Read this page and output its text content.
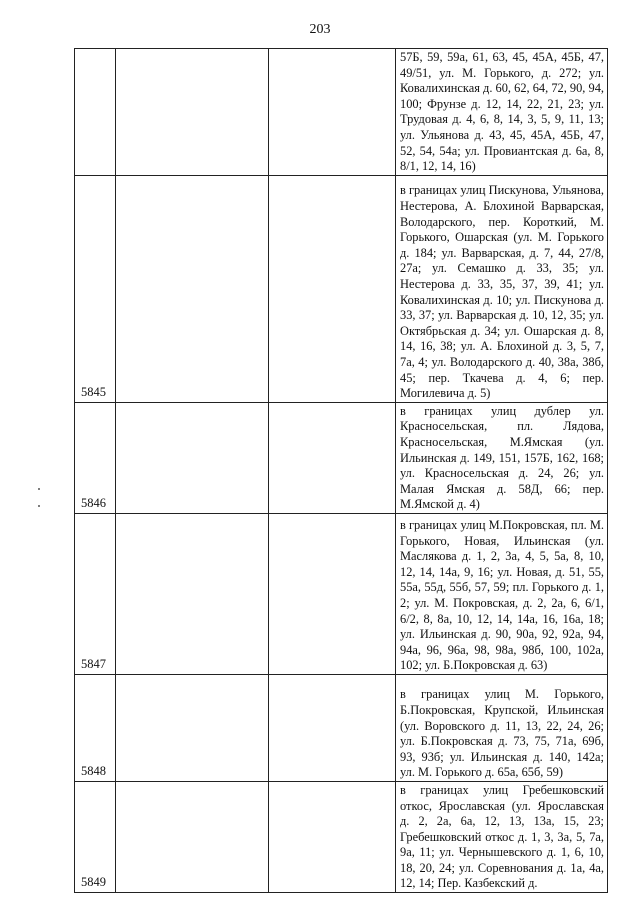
203

			57Б, 59, 59а, 61, 63, 45, 45А, 45Б, 47, 49/51, ул. М. Горького, д. 272; ул. Ковалихинская д. 60, 62, 64, 72, 90, 94, 100; Фрунзе д. 12, 14, 22, 21, 23; ул. Трудовая д. 4, 6, 8, 14, 3, 5, 9, 11, 13; ул. Ульянова д. 43, 45, 45А, 45Б, 47, 52, 54, 54а; ул. Провиантская д. 6а, 8, 8/1, 12, 14, 16)

5845			в границах улиц Пискунова, Ульянова, Нестерова, А. Блохиной Варварская, Володарского, пер. Короткий, М. Горького, Ошарская (ул. М. Горького д. 184; ул. Варварская, д. 7, 44, 27/8, 27а; ул. Семашко д. 33, 35; ул. Нестерова д. 33, 35, 37, 39, 41; ул. Ковалихинская д. 10; ул. Пискунова д. 33, 37; ул. Варварская д. 10, 12, 35; ул. Октябрьская д. 34; ул. Ошарская д. 8, 14, 16, 38; ул. А. Блохиной д. 3, 5, 7, 7а, 4; ул. Володарского д. 40, 38а, 38б, 45; пер. Ткачева д. 4, 6; пер. Могилевича д. 5)

5846			в границах улиц дублер ул. Красносельская, пл. Лядова, Красносельская, М.Ямская (ул. Ильинская д. 149, 151, 157Б, 162, 168; ул. Красносельская д. 24, 26; ул. Малая Ямская д. 58Д, 66; пер. М.Ямской д. 4)

5847			в границах улиц М.Покровская, пл. М. Горького, Новая, Ильинская (ул. Маслякова д. 1, 2, 3а, 4, 5, 5а, 8, 10, 12, 14, 14а, 9, 16; ул. Новая, д. 51, 55, 55а, 55д, 55б, 57, 59; пл. Горького д. 1, 2; ул. М. Покровская, д. 2, 2а, 6, 6/1, 6/2, 8, 8а, 10, 12, 14, 14а, 16, 16а, 18; ул. Ильинская д. 90, 90а, 92, 92а, 94, 94а, 96, 96а, 98, 98а, 98б, 100, 102а, 102; ул. Б.Покровская д. 63)

5848			в границах улиц М. Горького, Б.Покровская, Крупской, Ильинская (ул. Воровского д. 11, 13, 22, 24, 26; ул. Б.Покровская д. 73, 75, 71а, 69б, 93, 93б; ул. Ильинская д. 140, 142а; ул. М. Горького д. 65а, 65б, 59)

5849			в границах улиц Гребешковский откос, Ярославская (ул. Ярославская д. 2, 2а, 6а, 12, 13, 13а, 15, 23; Гребешковский откос д. 1, 3, 3а, 5, 7а, 9а, 11; ул. Чернышевского д. 1, 6, 10, 18, 20, 24; ул. Соревнования д. 1а, 4а, 12, 14; Пер. Казбекский д.
